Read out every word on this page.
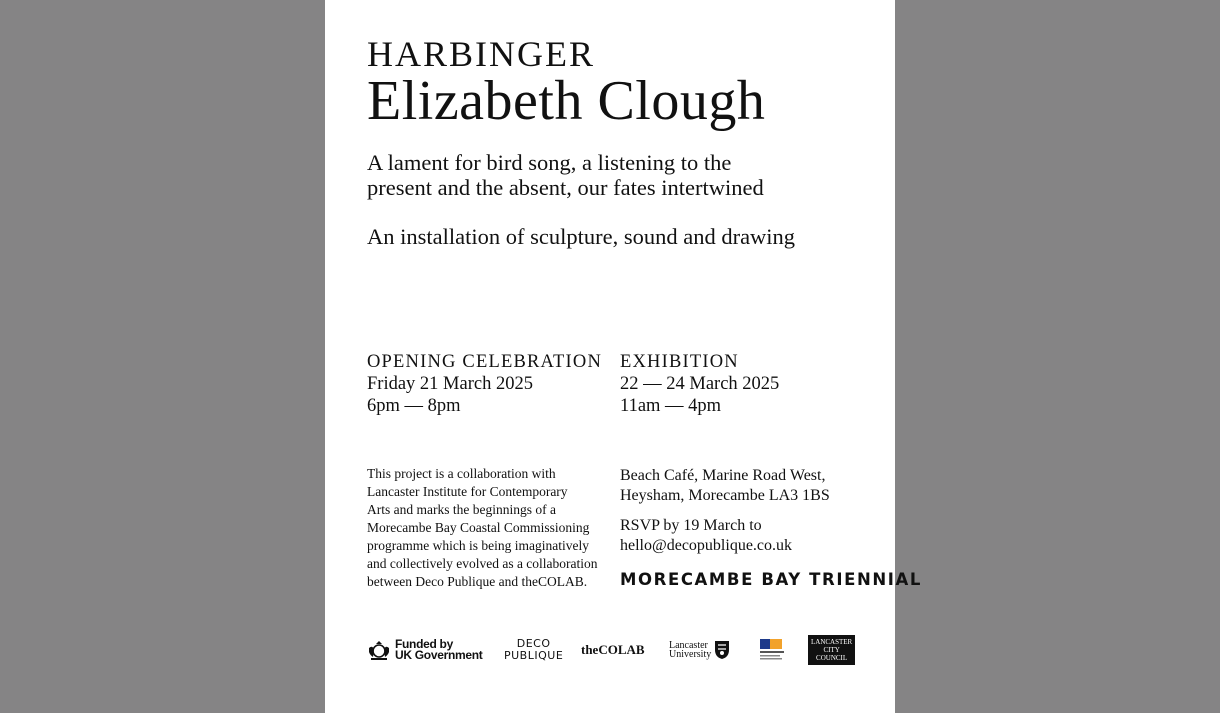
HARBINGER

Elizabeth Clough

A lament for bird song, a listening to the
present and the absent, our fates intertwined

An installation of sculpture, sound and drawing

OPENING CELEBRATION
Friday 21 March 2025
6pm — 8pm
EXHIBITION
22 — 24 March 2025
11am — 4pm
This project is a collaboration with
Lancaster Institute for Contemporary
Arts and marks the beginnings of a
Morecambe Bay Coastal Commissioning
programme which is being imaginatively
and collectively evolved as a collaboration
between Deco Publique and theCOLAB.
Beach Café, Marine Road West,
Heysham, Morecambe LA3 1BS
RSVP by 19 March to
hello@decopublique.co.uk

MORECAMBE BAY TRIENNIAL

Funded by
UK Government
DECO
PUBLIQUE theCOLAB Lancaster
University
LANCASTER
CITY COUNCIL
